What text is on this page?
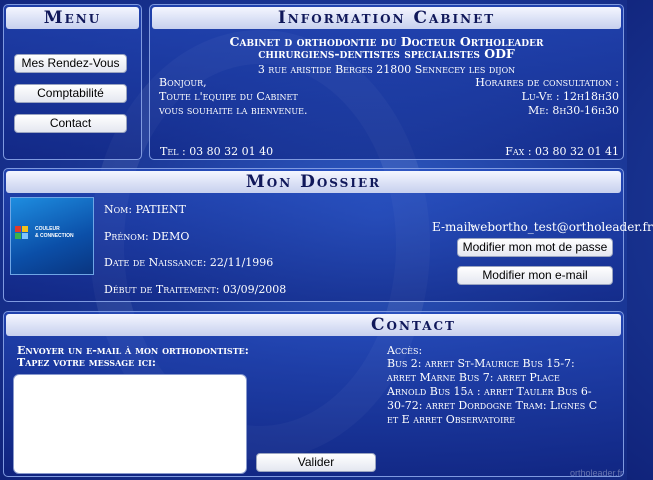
Menu
Mes Rendez-Vous
Comptabilité
Contact
Information Cabinet
Cabinet d orthodontie du Docteur Ortholeader
chirurgiens-dentistes specialistes ODF
3 rue aristide Berges 21800 Sennecey les dijon
Bonjour,
Toute l'equipe du Cabinet
vous souhaite la bienvenue.
Horaires de consultation :
Lu-Ve : 12h18h30
Me: 8h30-16h30
Tel : 03 80 32 01 40	Fax : 03 80 32 01 41
Mon Dossier
COULEUR
& CONNECTION
Nom: PATIENT
Prénom: DEMO
Date de Naissance: 22/11/1996
Début de Traitement: 03/09/2008
E-mail:
webortho_test@ortholeader.fr
Modifier mon mot de passe
Modifier mon e-mail
Contact
Envoyer un e-mail à mon orthodontiste:
Tapez votre message ici:
Valider
Accès:
Bus 2: arret St-Maurice Bus 15-7:
arret Marne Bus 7: arret Place
Arnold Bus 15a : arret Tauler Bus 6-
30-72: arret Dordogne Tram: Lignes C
et E arret Observatoire
ortholeader.fr
